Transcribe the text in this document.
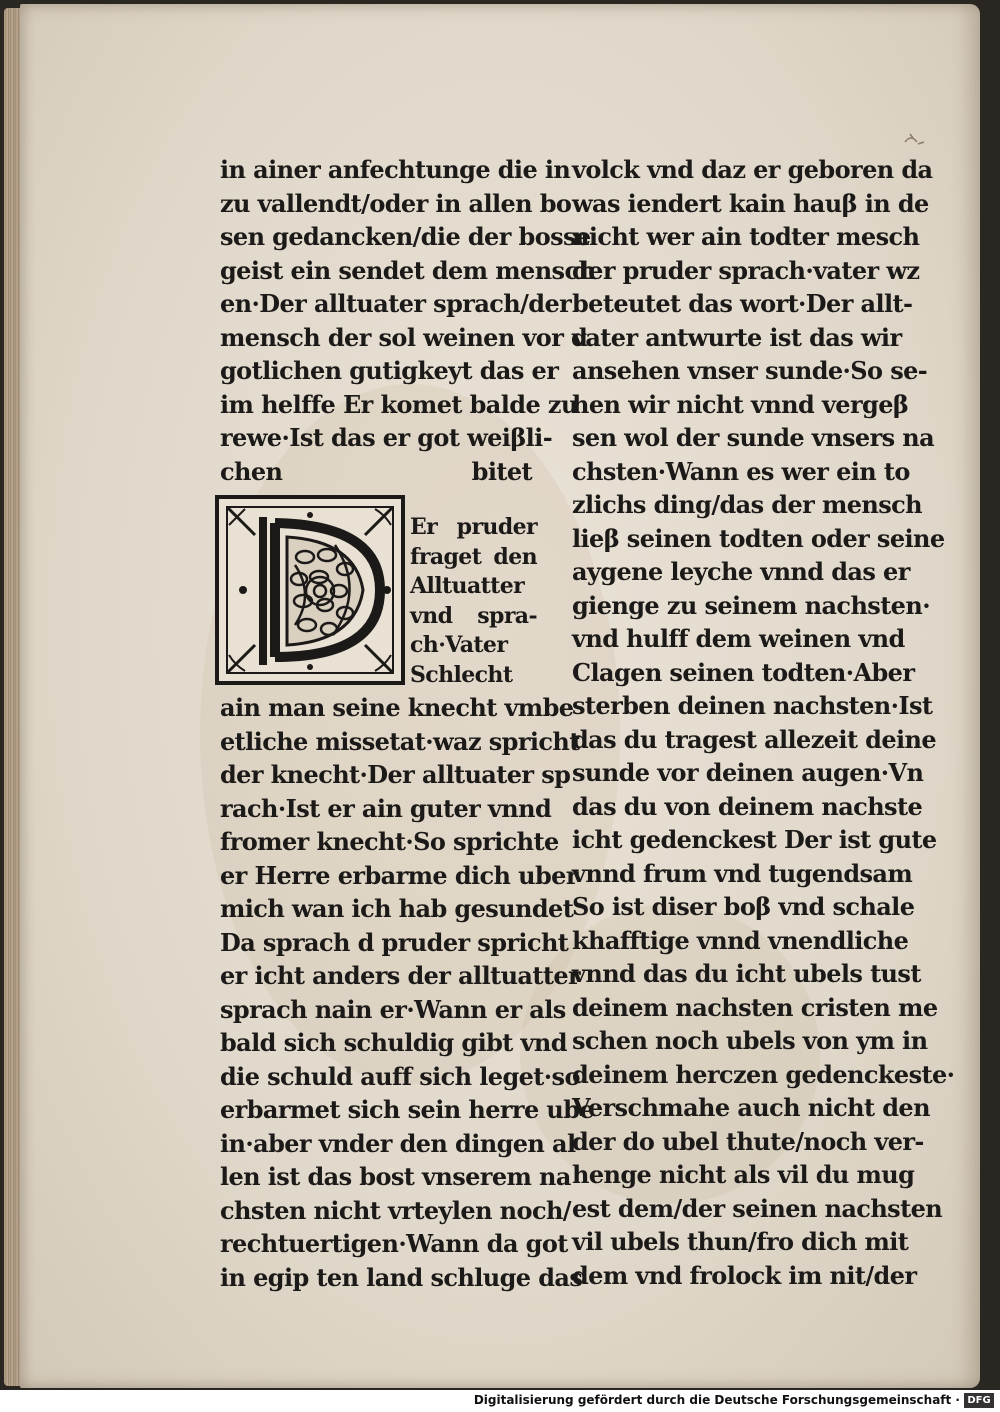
in ainer anfechtunge die in
zu vallendt/oder in allen bo
sen gedancken/die der bosse
geist ein sendet dem mensch
en·Der alltuater sprach/der
mensch der sol weinen vor d
gotlichen gutigkeyt das er
im helffe Er komet balde zu
rewe·Ist das er got weiβli-
chen bitet
Er pruder
fraget den
Alltuatter
vnd spra-
ch·Vater
Schlecht
ain man seine knecht vmbe
etliche missetat·waz spricht
der knecht·Der alltuater sp
rach·Ist er ain guter vnnd
fromer knecht·So sprichte
er Herre erbarme dich uber
mich wan ich hab gesundet
Da sprach d pruder spricht
er icht anders der alltuatter
sprach nain er·Wann er als
bald sich schuldig gibt vnd
die schuld auff sich leget·so
erbarmet sich sein herre ube
in·aber vnder den dingen al
len ist das bost vnserem na
chsten nicht vrteylen noch/
rechtuertigen·Wann da got
in egip ten land schluge das
volck vnd daz er geboren da
was iendert kain hauβ in de
nicht wer ain todter mesch
der pruder sprach·vater wz
beteutet das wort·Der allt-
vater antwurte ist das wir
ansehen vnser sunde·So se-
hen wir nicht vnnd vergeβ
sen wol der sunde vnsers na
chsten·Wann es wer ein to
zlichs ding/das der mensch
lieβ seinen todten oder seine
aygene leyche vnnd das er
gienge zu seinem nachsten·
vnd hulff dem weinen vnd
Clagen seinen todten·Aber
sterben deinen nachsten·Ist
das du tragest allezeit deine
sunde vor deinen augen·Vn
das du von deinem nachste
icht gedenckest Der ist gute
vnnd frum vnd tugendsam
So ist diser boβ vnd schale
khafftige vnnd vnendliche
vnnd das du icht ubels tust
deinem nachsten cristen me
schen noch ubels von ym in
deinem herczen gedenckeste·
Verschmahe auch nicht den
der do ubel thute/noch ver-
henge nicht als vil du mug
est dem/der seinen nachsten
vil ubels thun/fro dich mit
dem vnd frolock im nit/der
Digitalisierung gefördert durch die Deutsche Forschungsgemeinschaft · DFG
